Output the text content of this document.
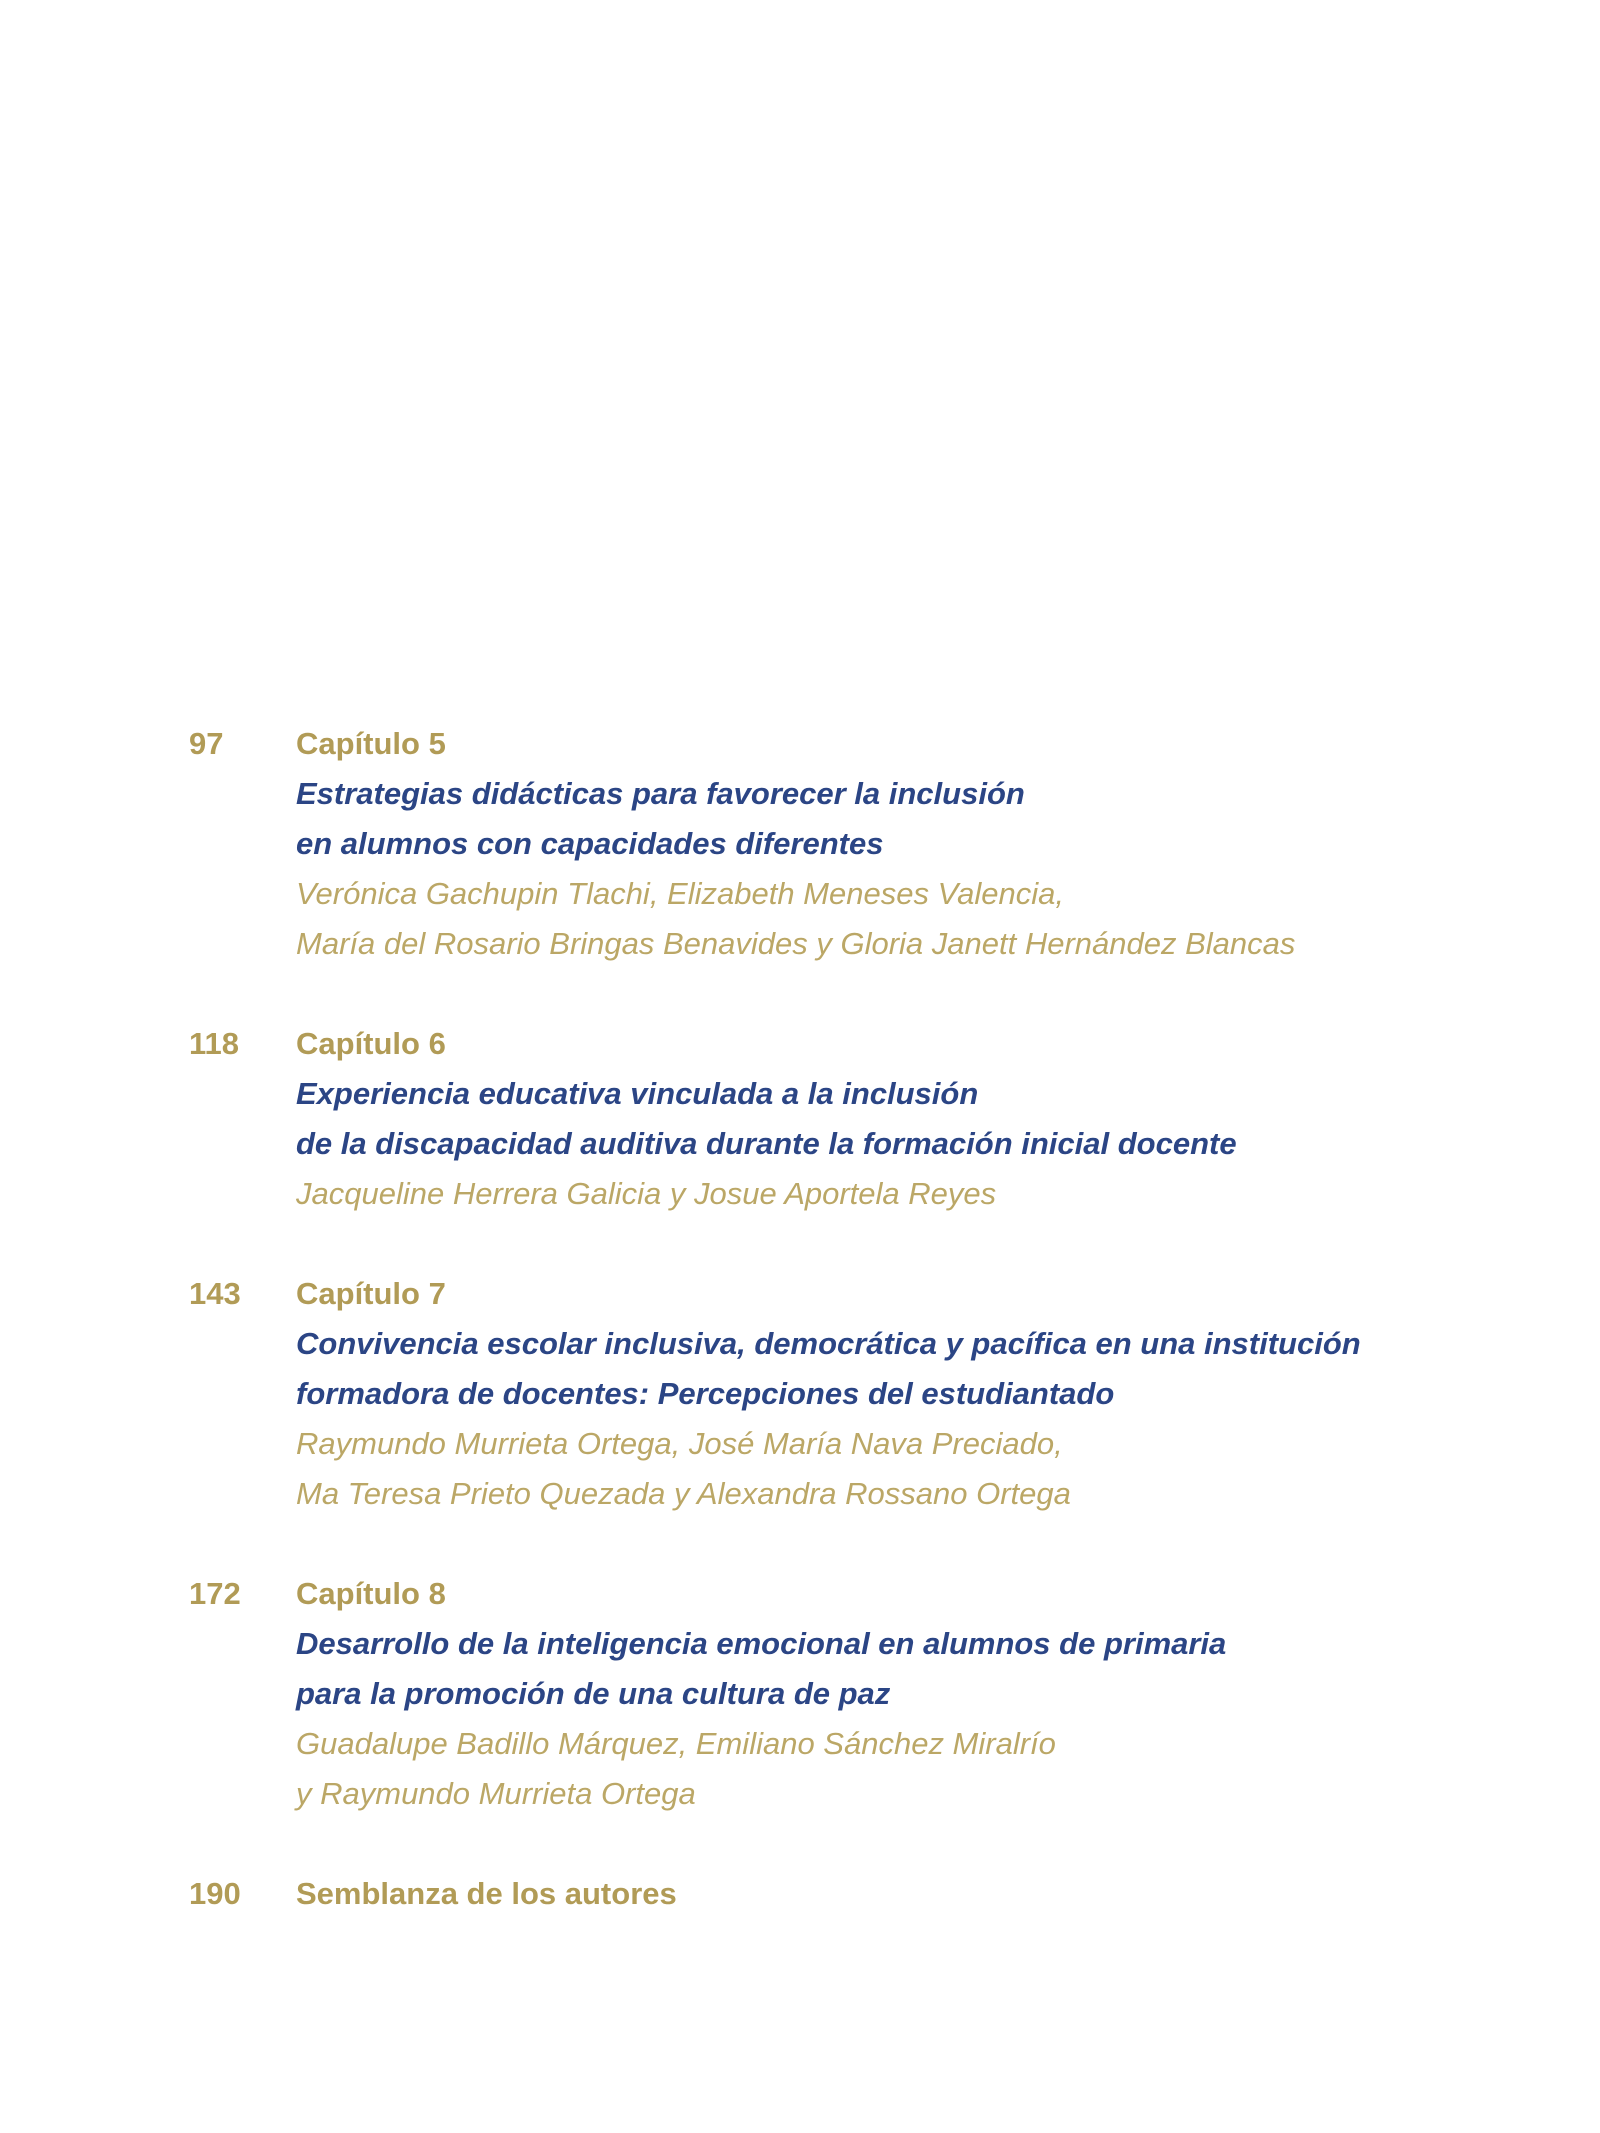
97 Capítulo 5
Estrategias didácticas para favorecer la inclusión
en alumnos con capacidades diferentes
Verónica Gachupin Tlachi, Elizabeth Meneses Valencia,
María del Rosario Bringas Benavides y Gloria Janett Hernández Blancas
118 Capítulo 6
Experiencia educativa vinculada a la inclusión
de la discapacidad auditiva durante la formación inicial docente
Jacqueline Herrera Galicia y Josue Aportela Reyes
143 Capítulo 7
Convivencia escolar inclusiva, democrática y pacífica en una institución
formadora de docentes: Percepciones del estudiantado
Raymundo Murrieta Ortega, José María Nava Preciado,
Ma Teresa Prieto Quezada y Alexandra Rossano Ortega
172 Capítulo 8
Desarrollo de la inteligencia emocional en alumnos de primaria
para la promoción de una cultura de paz
Guadalupe Badillo Márquez, Emiliano Sánchez Miralrío
y Raymundo Murrieta Ortega
190 Semblanza de los autores
